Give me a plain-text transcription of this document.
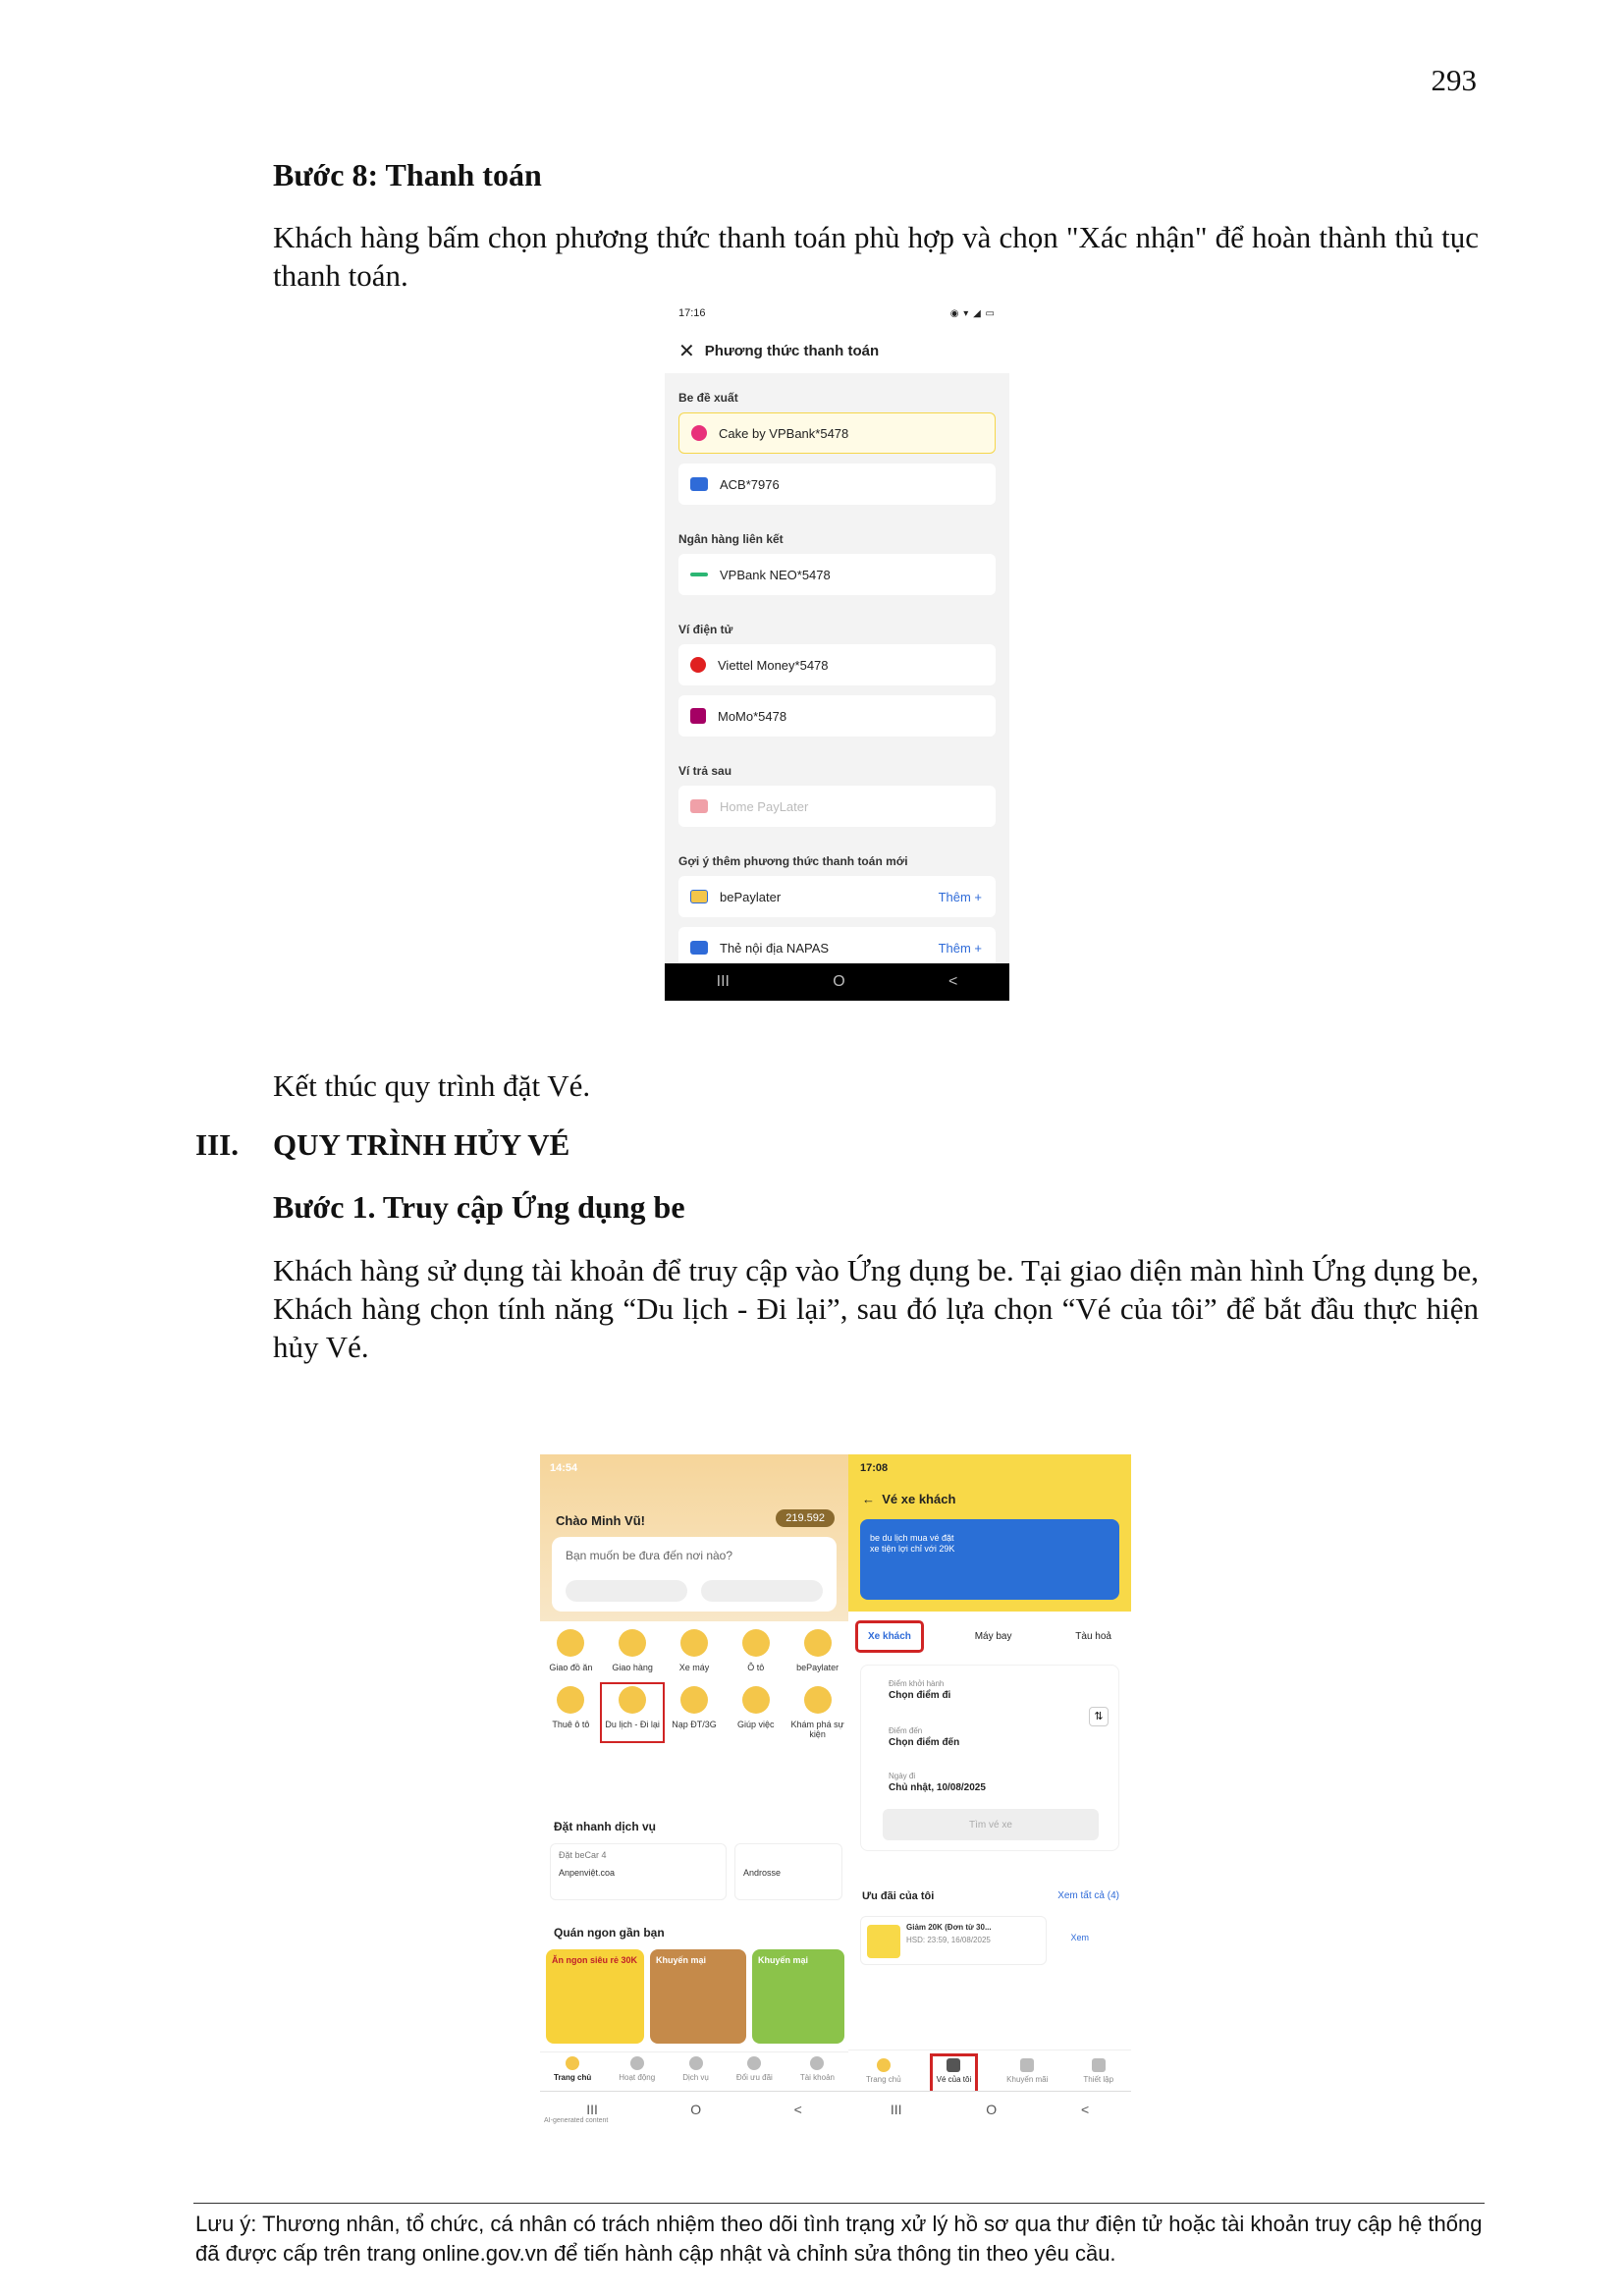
293
Bước 8: Thanh toán
Khách hàng bấm chọn phương thức thanh toán phù hợp và chọn "Xác nhận" để hoàn thành thủ tục thanh toán.
17:16	◉ ▾ ◢ ▭
✕ Phương thức thanh toán
Be đề xuất
Cake by VPBank*5478
ACB*7976
Ngân hàng liên kết
VPBank NEO*5478
Ví điện tử
Viettel Money*5478
MoMo*5478
Ví trả sau
Home PayLater
Gợi ý thêm phương thức thanh toán mới
bePaylater	Thêm +
Thẻ nội địa NAPAS	Thêm +
III	O	<
Kết thúc quy trình đặt Vé.
III. QUY TRÌNH HỦY VÉ
Bước 1. Truy cập Ứng dụng be
Khách hàng sử dụng tài khoản để truy cập vào Ứng dụng be. Tại giao diện màn hình Ứng dụng be, Khách hàng chọn tính năng “Du lịch - Đi lại”, sau đó lựa chọn “Vé của tôi” để bắt đầu thực hiện hủy Vé.
14:54
Chào Minh Vũ!	219.592
Bạn muốn be đưa đến nơi nào?
Giao đồ ăn	Giao hàng	Xe máy	Ô tô	bePaylater
Thuê ô tô	Du lịch - Đi lại	Nạp ĐT/3G	Giúp việc	Khám phá sự kiện
Đặt nhanh dịch vụ
Đặt beCar 4
Anpenviệt.coa	Androsse
Quán ngon gần bạn
Ăn ngon siêu rẻ 30K	Khuyến mại	Khuyến mại
Trang chủ	Hoạt động	Dịch vụ	Đổi ưu đãi	Tài khoản
AI-generated content
III	O	<
17:08
←  Vé xe khách
be du lịch mua vé đặt xe tiện lợi chỉ với 29K
Xe khách	Máy bay	Tàu hoả
Điểm khởi hành
Chọn điểm đi
Điểm đến
Chọn điểm đến
⇅
Ngày đi
Chủ nhật, 10/08/2025
Tìm vé xe
Ưu đãi của tôi	Xem tất cả (4)
Giảm 20K (Đơn từ 30...
HSD: 23:59, 16/08/2025	Xem
Trang chủ	Vé của tôi	Khuyến mãi	Thiết lập
III	O	<
Lưu ý: Thương nhân, tổ chức, cá nhân có trách nhiệm theo dõi tình trạng xử lý hồ sơ qua thư điện tử hoặc tài khoản truy cập hệ thống đã được cấp trên trang online.gov.vn để tiến hành cập nhật và chỉnh sửa thông tin theo yêu cầu.
